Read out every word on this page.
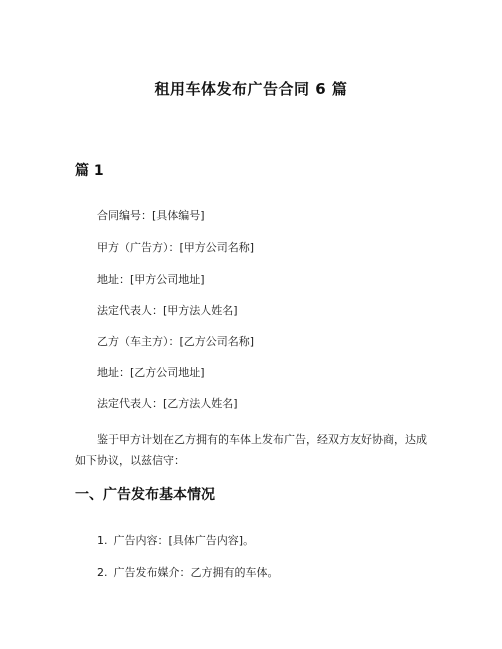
租用车体发布广告合同 6 篇
篇 1

合同编号：[具体编号]

甲方（广告方）：[甲方公司名称]

地址：[甲方公司地址]

法定代表人：[甲方法人姓名]

乙方（车主方）：[乙方公司名称]

地址：[乙方公司地址]

法定代表人：[乙方法人姓名]

鉴于甲方计划在乙方拥有的车体上发布广告，经双方友好协商，达成如下协议，以兹信守：

一、广告发布基本情况

1. 广告内容：[具体广告内容]。

2. 广告发布媒介：乙方拥有的车体。
